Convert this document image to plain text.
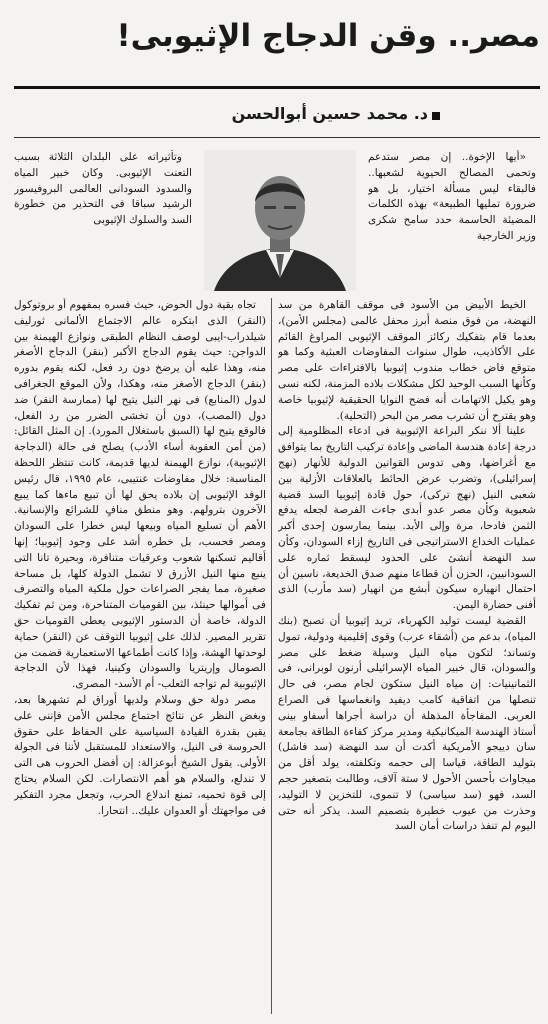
مصر.. وقن الدجاج الإثيوبى!
د. محمد حسين أبوالحسن

«أيها الإخوة.. إن مصر ستدعم وتحمى المصالح الحيوية لشعبها.. فالبقاء ليس مسألة اختيار، بل هو ضرورة تمليها الطبيعة» بهذه الكلمات المضيئة الحاسمة حدد سامح شكرى وزير الخارجية

وتأثيراته على البلدان الثلاثة بسبب التعنت الإثيوبى. وكان خبير المياه والسدود السودانى العالمى البروفيسور الرشيد سباقا فى التحذير من خطورة السد والسلوك الإثيوبى

الخيط الأبيض من الأسود فى موقف القاهرة من سد النهضة، من فوق منصة أبرز محفل عالمى (مجلس الأمن)، بعدما قام بتفكيك ركائز الموقف الإثيوبى المراوغ القائم على الأكاذيب، طوال سنوات المفاوضات العبثية وكما هو متوقع فاض خطاب مندوب إثيوبيا بالافتراءات على مصر وكأنها السبب الوحيد لكل مشكلات بلاده المزمنة، لكنه نسى وهو يكيل الاتهامات أنه فضح النوايا الحقيقية لإثيوبيا خاصة وهو يقترح أن تشرب مصر من البحر (التحلية).

علينا ألا ننكر البراعة الإثيوبية فى ادعاء المظلومية إلى درجة إعادة هندسة الماضى وإعادة تركيب التاريخ بما يتوافق مع أغراضها، وهى تدوس القوانين الدولية للأنهار (نهج إسرائيلى)، وتضرب عرض الحائط بالعلاقات الأزلية بين شعبى النيل (نهج تركى)، حول قادة إثيوبيا السد قضية شعبوية وكأن مصر عدو أبدى جاءت الفرصة لجعله يدفع الثمن فادحا، مرة وإلى الأبد. بينما يمارسون إحدى أكبر عمليات الخداع الاستراتيجى فى التاريخ إزاء السودان، وكأن سد النهضة أنشئ على الحدود ليسقط ثماره على السودانيين، الحزن أن قطاعا منهم صدق الخديعة، ناسين أن احتمال انهياره سيكون أبشع من انهيار (سد مأرب) الذى أفنى حضارة اليمن.

القضية ليست توليد الكهرباء، تريد إثيوبيا أن تصبح (بنك المياه)، بدعم من (أشقاء عرب) وقوى إقليمية ودولية، تمول وتساند؛ لتكون مياه النيل وسيلة ضغط على مصر والسودان، قال خبير المياه الإسرائيلى أرنون لوبرانى، فى الثمانينيات: إن مياه النيل ستكون لجام مصر، فى حال تنصلها من اتفاقية كامب ديفيد وانغماسها فى الصراع العربى. المفاجأة المذهلة أن دراسة أجراها أسفاو بينى أستاذ الهندسة الميكانيكية ومدير مركز كفاءة الطاقة بجامعة سان دييجو الأمريكية أكدت أن سد النهضة (سد فاشل) بتوليد الطاقة، قياسا إلى حجمه وتكلفته، يولد أقل من ميجاوات بأحسن الأحول لا ستة آلاف، وطالبت بتصغير حجم السد، فهو (سد سياسى) لا تنموى، للتخزين لا التوليد، وحذرت من عيوب خطيرة بتصميم السد. يذكر أنه حتى اليوم لم تنفذ دراسات أمان السد

تجاه بقية دول الحوض، حيث فسره بمفهوم أو بروتوكول (النقر) الذى ابتكره عالم الاجتماع الألمانى ثورليف شيلدراب-ايبى لوصف النظام الطبقى ونوازع الهيمنة بين الدواجن: حيث يقوم الدجاج الأكبر (بنقر) الدجاج الأصغر منه، وهذا عليه أن يرضخ دون رد فعل، لكنه يقوم بدوره (بنقر) الدجاج الأصغر منه، وهكذا، ولأن الموقع الجغرافى لدول (المنابع) فى نهر النيل يتيح لها (ممارسة النقر) ضد دول (المصب)، دون أن تخشى الضرر من رد الفعل، فالوقع يتيح لها (السبق باستغلال المورد). إن المثل القائل: (من أمن العقوبة أساء الأدب) يصلح فى حالة (الدجاجة الإثيوبية)، نوازع الهيمنة لديها قديمة، كانت تنتظر اللحظة المناسبة: خلال مفاوضات عنتيبى، عام ١٩٩٥، قال رئيس الوفد الإثيوبى إن بلاده يحق لها أن تبيع ماءها كما يبيع الآخرون بترولهم. وهو منطق منافٍ للشرائع والإنسانية. الأهم أن تسليع المياه وبيعها ليس خطرا على السودان ومصر فحسب، بل خطره أشد على وجود إثيوبيا؛ إنها أقاليم تسكنها شعوب وعرقيات متنافرة، وبحيرة تانا التى ينبع منها النيل الأزرق لا تشمل الدولة كلها، بل مساحة صغيرة، مما يفجر الصراعات حول ملكية المياه والتصرف فى أموالها حينئذ، بين القوميات المتناحرة، ومن ثم تفكيك الدولة، خاصة أن الدستور الإثيوبى يعطى القوميات حق تقرير المصير. لذلك على إثيوبيا التوقف عن (النقر) حماية لوحدتها الهشة، وإذا كانت أطماعها الاستعمارية قضمت من الصومال وإريتريا والسودان وكينيا، فهذا لأن الدجاجة الإثيوبية لم تواجه الثعلب- أم الأسد- المصرى.

مصر دولة حق وسلام ولديها أوراق لم تشهرها بعد، وبغض النظر عن نتائج اجتماع مجلس الأمن فإننى على يقين بقدرة القيادة السياسية على الحفاظ على حقوق الحروسة فى النيل، والاستعداد للمستقبل لأننا فى الجولة الأولى. يقول الشيخ أبوعزالة: إن أفضل الحروب هى التى لا تندلع، والسلام هو أهم الانتصارات. لكن السلام يحتاج إلى قوة تحميه، تمنع اندلاع الحرب، وتجعل مجرد التفكير فى مواجهتك أو العدوان عليك.. انتحارا.
